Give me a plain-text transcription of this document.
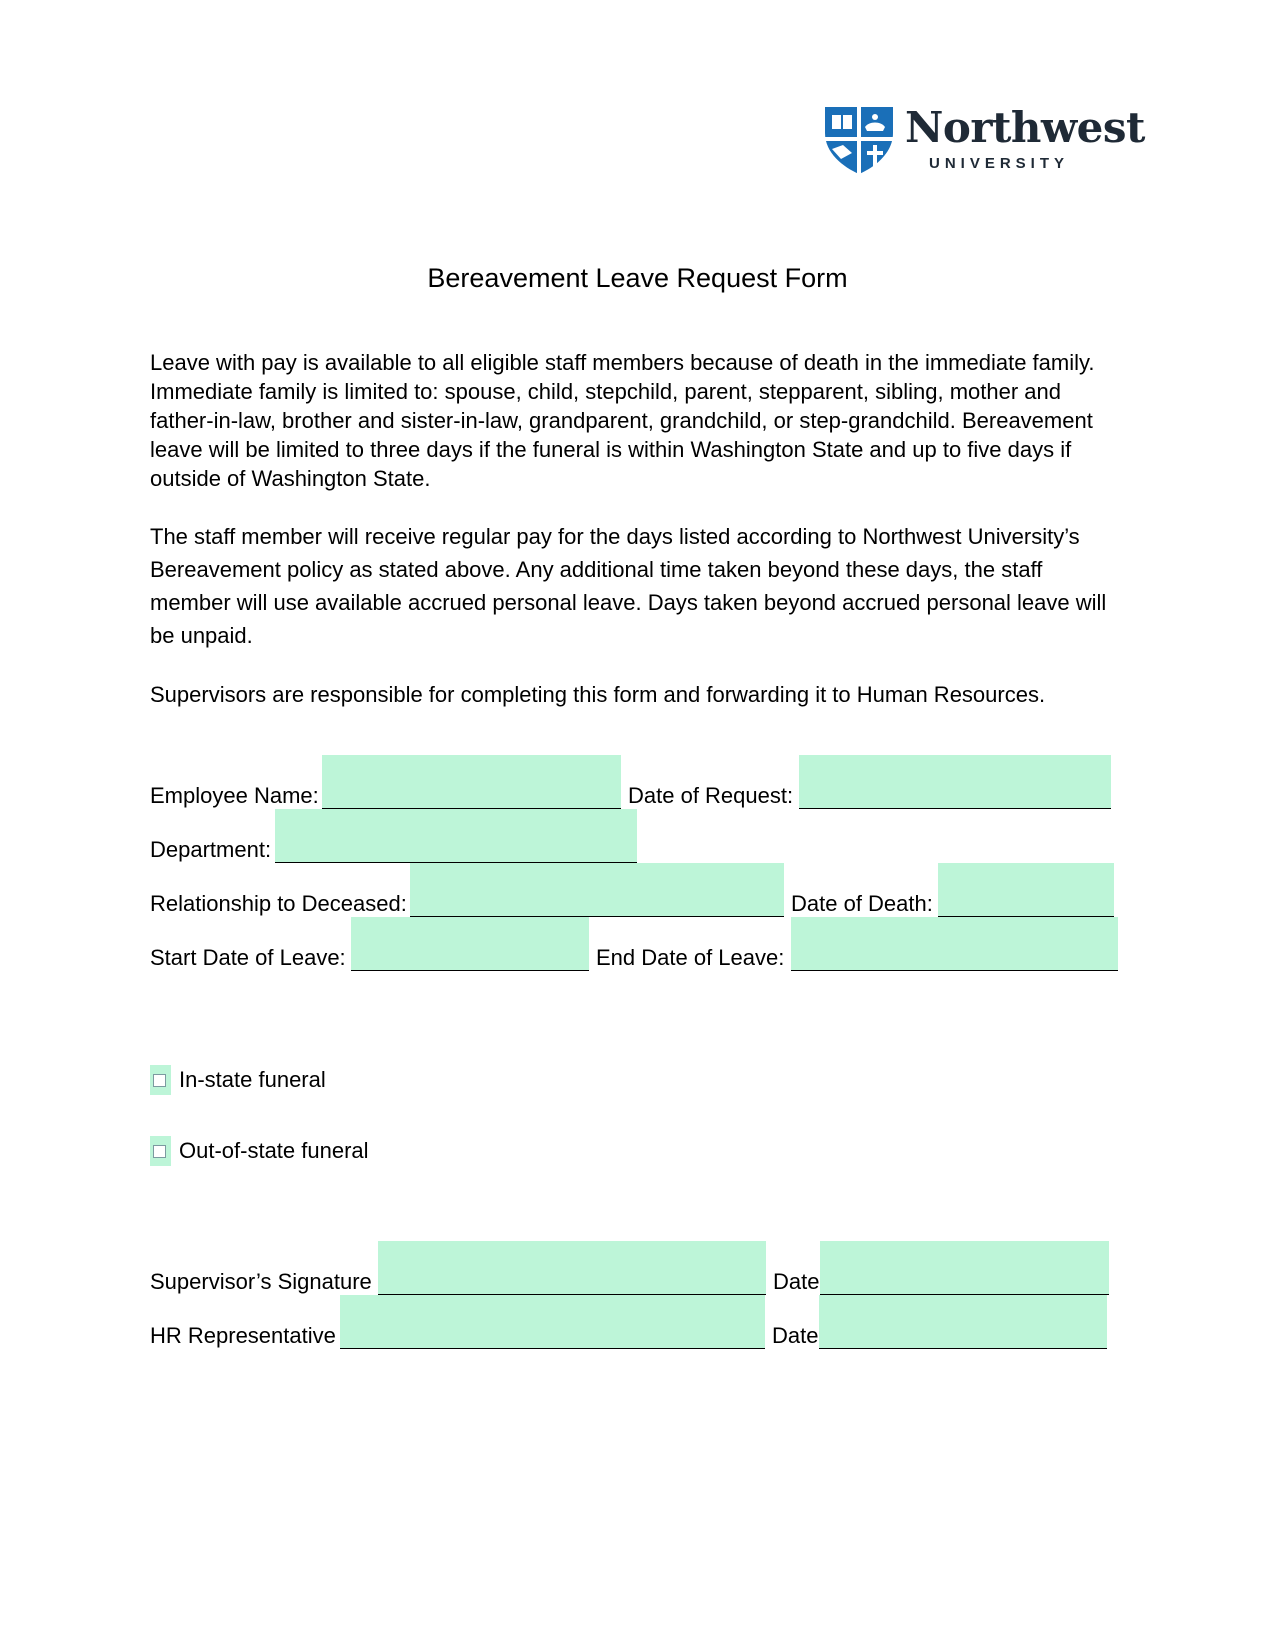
Northwest
UNIVERSITY
Bereavement Leave Request Form

Leave with pay is available to all eligible staff members because of death in the immediate family. Immediate family is limited to: spouse, child, stepchild, parent, stepparent, sibling, mother and father-in-law, brother and sister-in-law, grandparent, grandchild, or step-grandchild. Bereavement leave will be limited to three days if the funeral is within Washington State and up to five days if outside of Washington State.

The staff member will receive regular pay for the days listed according to Northwest University’s Bereavement policy as stated above. Any additional time taken beyond these days, the staff member will use available accrued personal leave. Days taken beyond accrued personal leave will be unpaid.

Supervisors are responsible for completing this form and forwarding it to Human Resources.

Employee Name:	Date of Request:
Department:
Relationship to Deceased:	Date of Death:
Start Date of Leave:	End Date of Leave:
In-state funeral
Out-of-state funeral
Supervisor’s Signature	Date
HR Representative	Date
